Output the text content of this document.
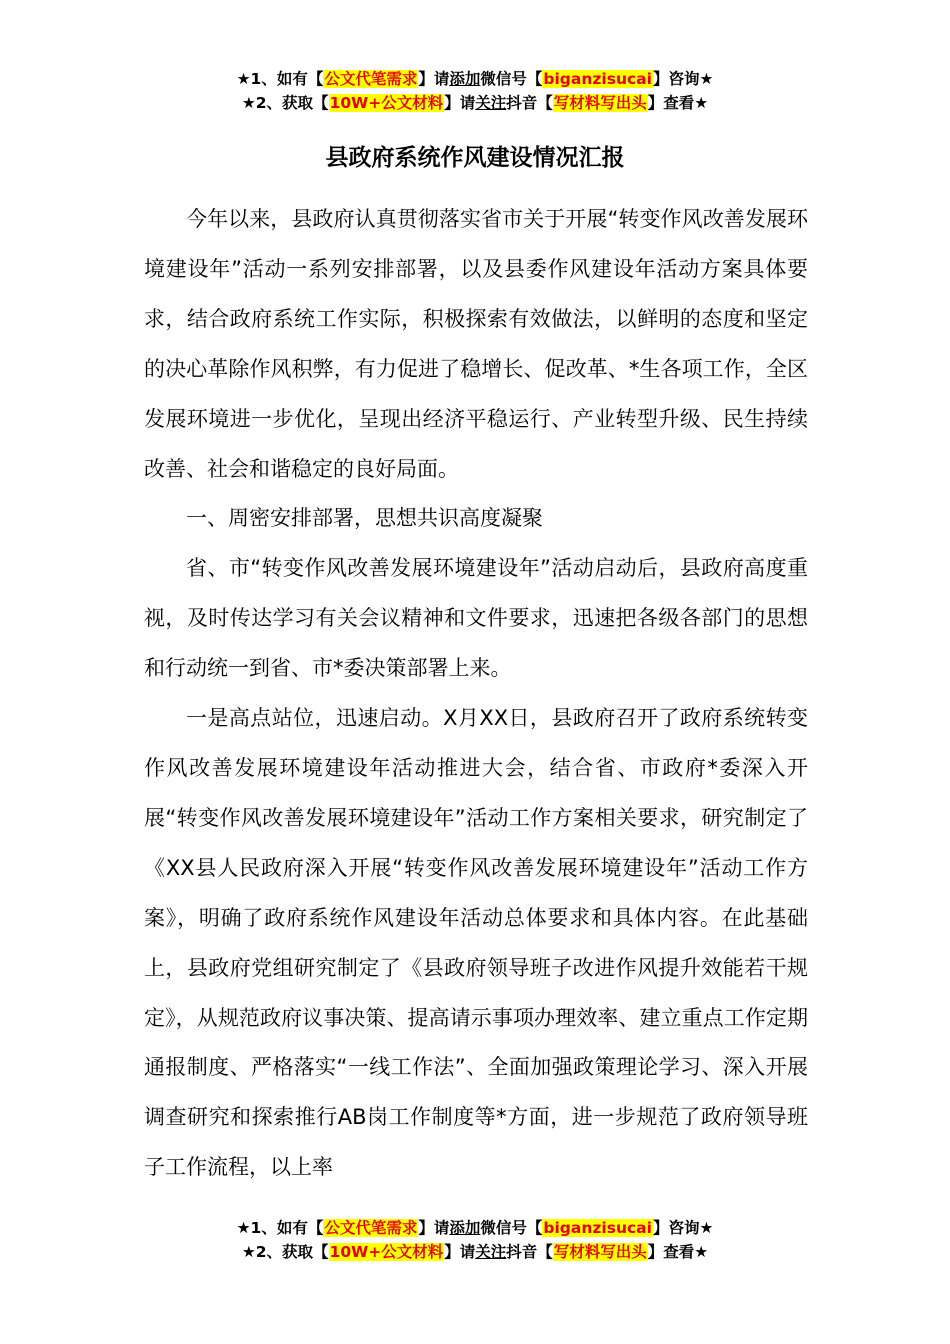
★1、如有【公文代笔需求】请添加微信号【biganzisucai】咨询★
★2、获取【10W+公文材料】请关注抖音【写材料写出头】查看★
县政府系统作风建设情况汇报

今年以来，县政府认真贯彻落实省市关于开展“转变作风改善发展环境建设年”活动一系列安排部署，以及县委作风建设年活动方案具体要求，结合政府系统工作实际，积极探索有效做法，以鲜明的态度和坚定的决心革除作风积弊，有力促进了稳增长、促改革、*生各项工作，全区发展环境进一步优化，呈现出经济平稳运行、产业转型升级、民生持续改善、社会和谐稳定的良好局面。

一、周密安排部署，思想共识高度凝聚

省、市“转变作风改善发展环境建设年”活动启动后，县政府高度重视，及时传达学习有关会议精神和文件要求，迅速把各级各部门的思想和行动统一到省、市*委决策部署上来。

一是高点站位，迅速启动。X月XX日，县政府召开了政府系统转变作风改善发展环境建设年活动推进大会，结合省、市政府*委深入开展“转变作风改善发展环境建设年”活动工作方案相关要求，研究制定了《XX县人民政府深入开展“转变作风改善发展环境建设年”活动工作方案》，明确了政府系统作风建设年活动总体要求和具体内容。在此基础上，县政府党组研究制定了《县政府领导班子改进作风提升效能若干规定》，从规范政府议事决策、提高请示事项办理效率、建立重点工作定期通报制度、严格落实“一线工作法”、全面加强政策理论学习、深入开展调查研究和探索推行AB岗工作制度等*方面，进一步规范了政府领导班子工作流程，以上率

★1、如有【公文代笔需求】请添加微信号【biganzisucai】咨询★
★2、获取【10W+公文材料】请关注抖音【写材料写出头】查看★
